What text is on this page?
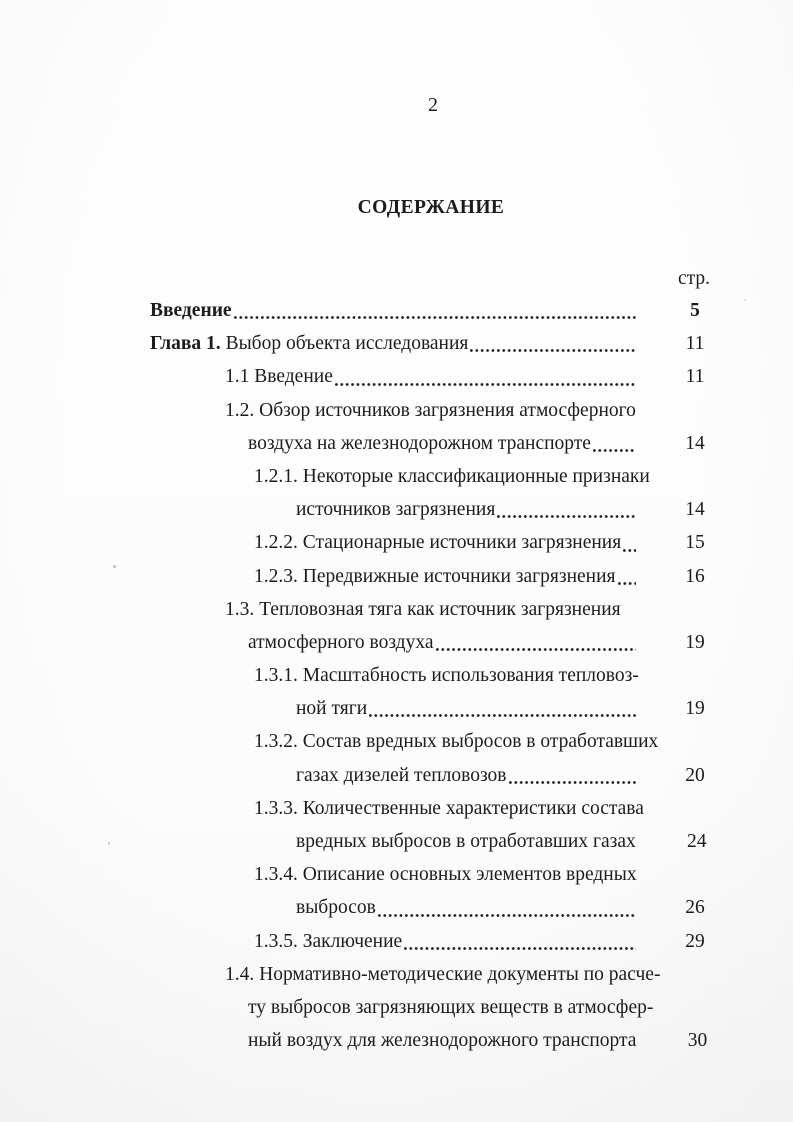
2
СОДЕРЖАНИЕ
стр.
Введение	5
Глава 1. Выбор объекта исследования	11
1.1 Введение	11
1.2. Обзор источников загрязнения атмосферного
воздуха на железнодорожном транспорте	14
1.2.1. Некоторые классификационные признаки
источников загрязнения	14
1.2.2. Стационарные источники загрязнения	15
1.2.3. Передвижные источники загрязнения	16
1.3. Тепловозная тяга как источник загрязнения
атмосферного воздуха	19
1.3.1. Масштабность использования тепловоз-
ной тяги	19
1.3.2. Состав вредных выбросов в отработавших
газах дизелей тепловозов	20
1.3.3. Количественные характеристики состава
вредных выбросов в отработавших газах	24
1.3.4. Описание основных элементов вредных
выбросов	26
1.3.5. Заключение	29
1.4. Нормативно-методические документы по расче-
ту выбросов загрязняющих веществ в атмосфер-
ный воздух для железнодорожного транспорта	30
